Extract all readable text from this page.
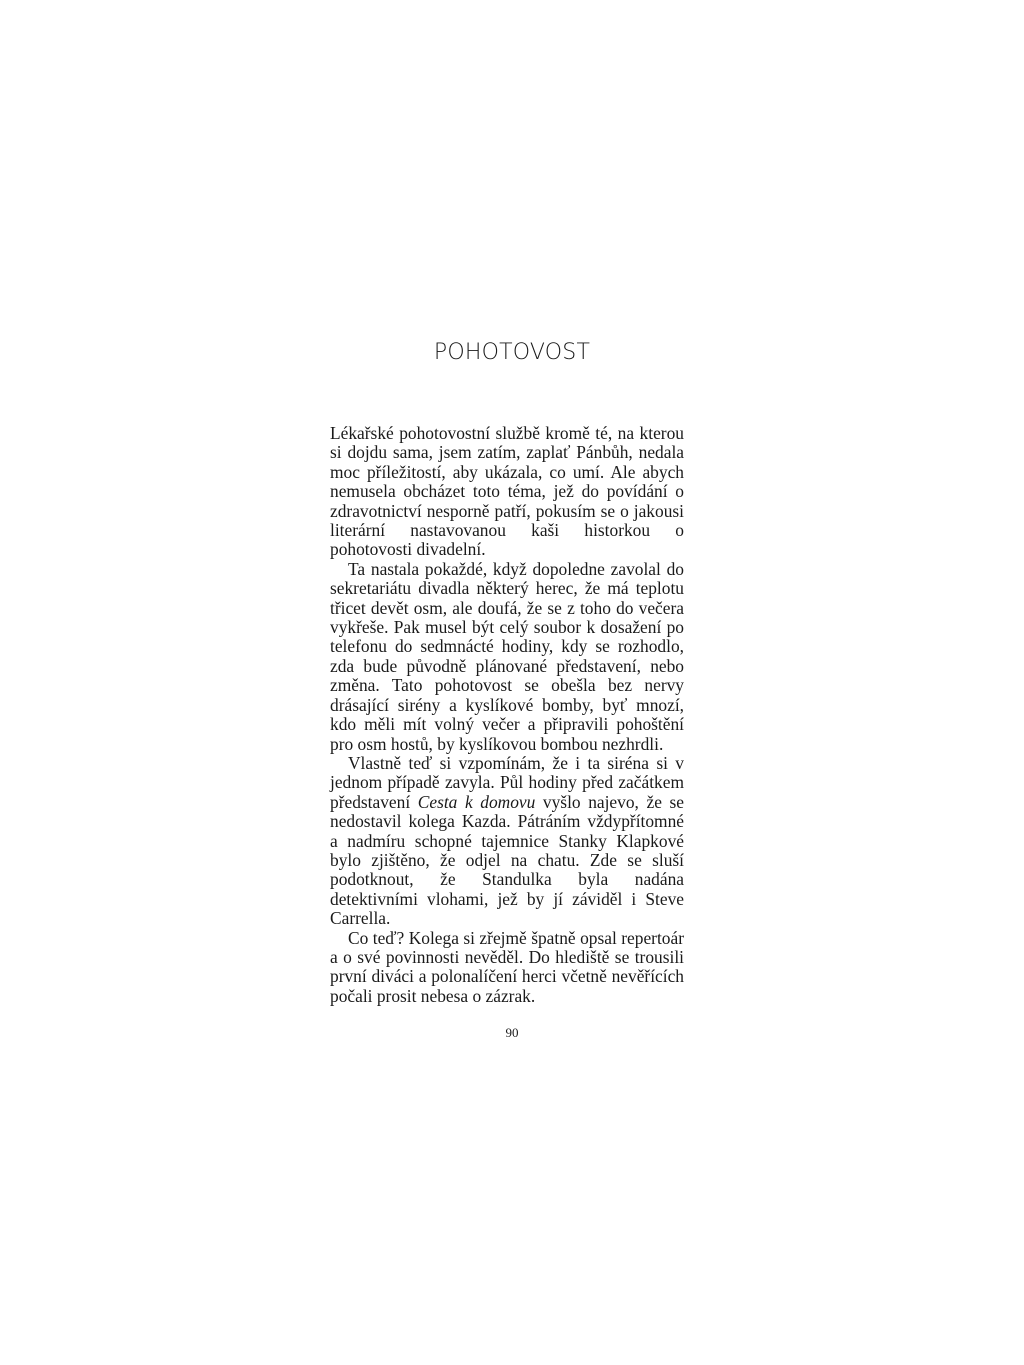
POHOTOVOST

Lékařské pohotovostní službě kromě té, na kterou si dojdu sama, jsem zatím, zaplať Pánbůh, nedala moc příležitostí, aby ukázala, co umí. Ale abych nemusela obcházet toto téma, jež do povídání o zdravotnictví nesporně patří, pokusím se o jakousi literární nastavovanou kaši historkou o pohotovosti divadelní.

Ta nastala pokaždé, když dopoledne zavolal do sekretariátu divadla některý herec, že má teplotu třicet devět osm, ale doufá, že se z toho do večera vykřeše. Pak musel být celý soubor k dosažení po telefonu do sedmnácté hodiny, kdy se rozhodlo, zda bude původně plánované představení, nebo změna. Tato pohotovost se obešla bez nervy drásající sirény a kyslíkové bomby, byť mnozí, kdo měli mít volný večer a připravili pohoštění pro osm hostů, by kyslíkovou bombou nezhrdli.

Vlastně teď si vzpomínám, že i ta siréna si v jednom případě zavyla. Půl hodiny před začátkem představení Cesta k domovu vyšlo najevo, že se nedostavil kolega Kazda. Pátráním vždypřítomné a nadmíru schopné tajemnice Stanky Klapkové bylo zjištěno, že odjel na chatu. Zde se sluší podotknout, že Standulka byla nadána detektivními vlohami, jež by jí záviděl i Steve Carrella.

Co teď? Kolega si zřejmě špatně opsal repertoár a o své povinnosti nevěděl. Do hlediště se trousili první diváci a polonalíčení herci včetně nevěřících počali prosit nebesa o zázrak.

90
